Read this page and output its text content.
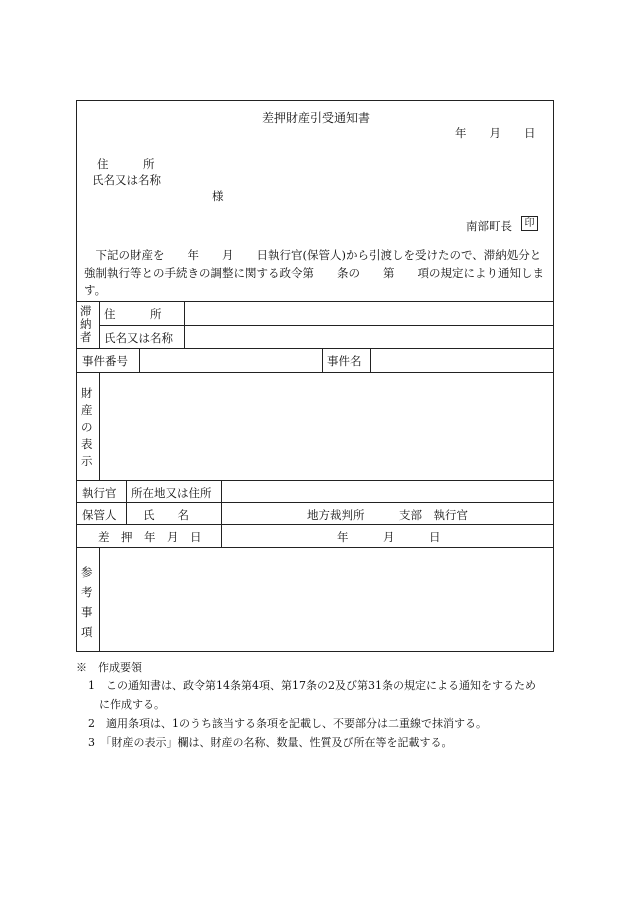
差押財産引受通知書
年　　月　　日
住　　　所
氏名又は名称
様
南部町長	印
　下記の財産を　　年　　月　　日執行官(保管人)から引渡しを受けたので、滞納処分と強制執行等との手続きの調整に関する政令第　　条の　　第　　項の規定により通知します。
滞
納
者
住　　　所
氏名又は名称
事件番号	事件名
財
産
の
表
示
執行官 所在地又は住所
保管人 氏　　名	地方裁判所　　　支部　執行官
差　押　年　月　日	年　　　月　　　日
参
考
事
項
※　作成要領
1　この通知書は、政令第14条第4項、第17条の2及び第31条の規定による通知をするため
に作成する。
2　適用条項は、1のうち該当する条項を記載し、不要部分は二重線で抹消する。
3　「財産の表示」欄は、財産の名称、数量、性質及び所在等を記載する。
